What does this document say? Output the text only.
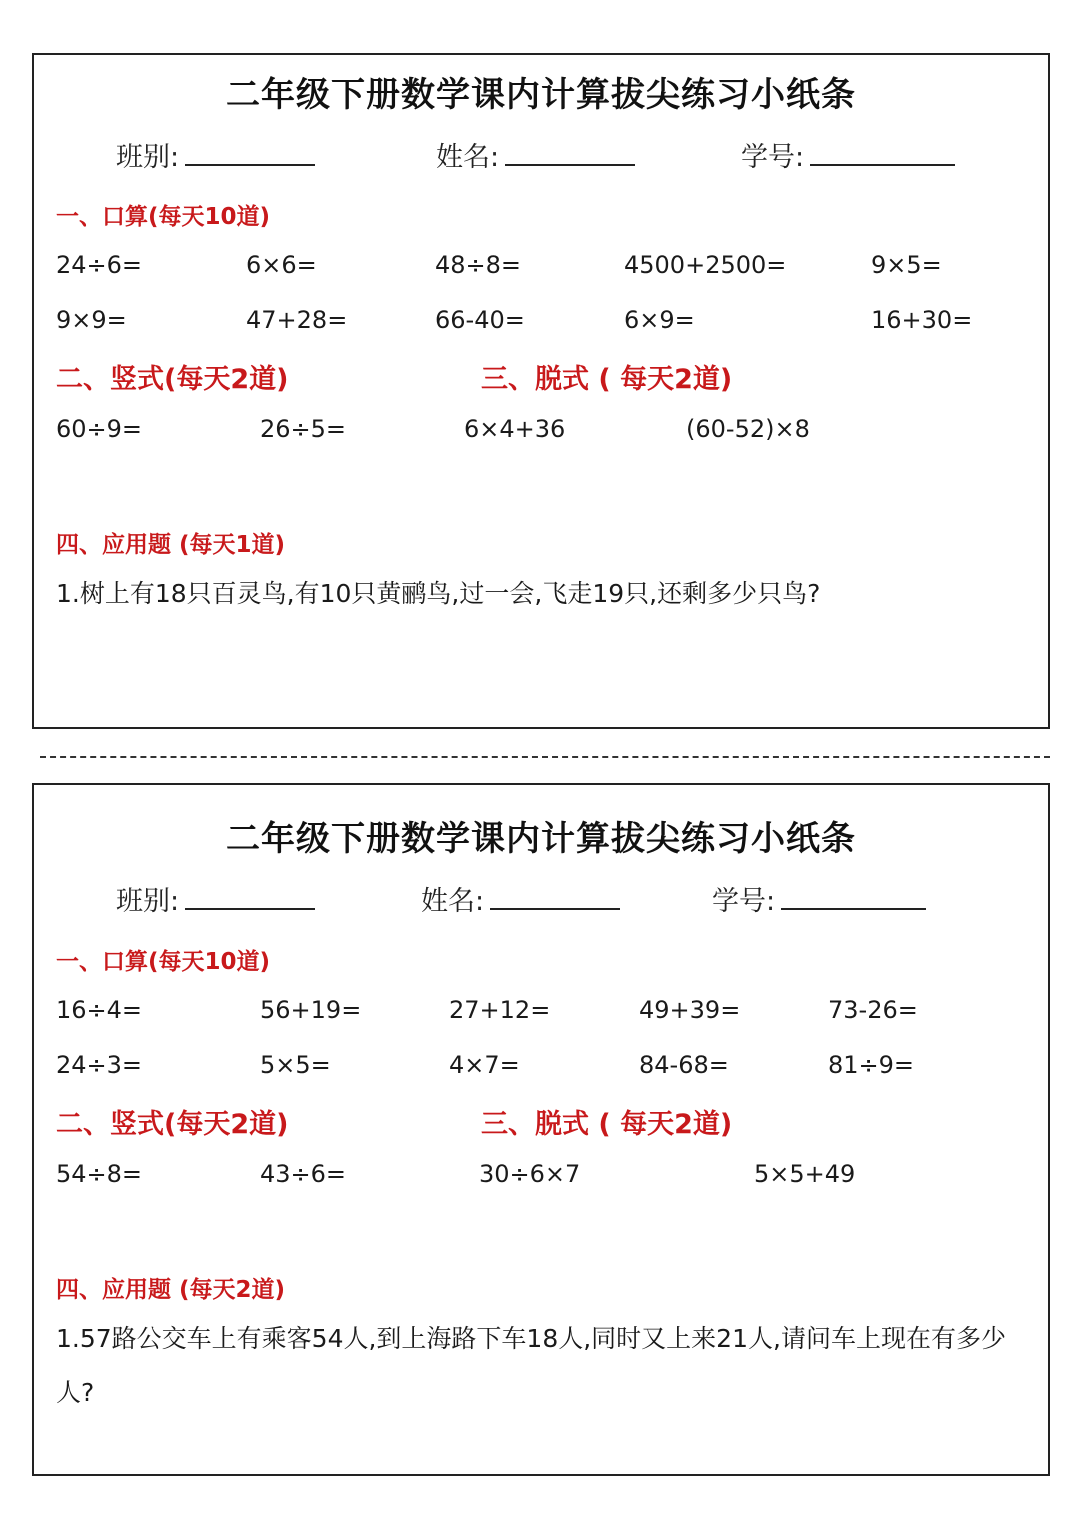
二年级下册数学课内计算拔尖练习小纸条
班别:	姓名:	学号:
一、口算(每天10道)
24÷6=	6×6=	48÷8=	4500+2500=	9×5=
9×9=	47+28=	66-40=	6×9=	16+30=
二、竖式(每天2道)	三、脱式 ( 每天2道)
60÷9=	26÷5=	6×4+36	(60-52)×8
四、应用题 (每天1道)
1.树上有18只百灵鸟,有10只黄鹂鸟,过一会,飞走19只,还剩多少只鸟?
二年级下册数学课内计算拔尖练习小纸条
班别:	姓名:	学号:
一、口算(每天10道)
16÷4=	56+19=	27+12=	49+39=	73-26=
24÷3=	5×5=	4×7=	84-68=	81÷9=
二、竖式(每天2道)	三、脱式 ( 每天2道)
54÷8=	43÷6=	30÷6×7	5×5+49
四、应用题 (每天2道)
1.57路公交车上有乘客54人,到上海路下车18人,同时又上来21人,请问车上现在有多少人?
